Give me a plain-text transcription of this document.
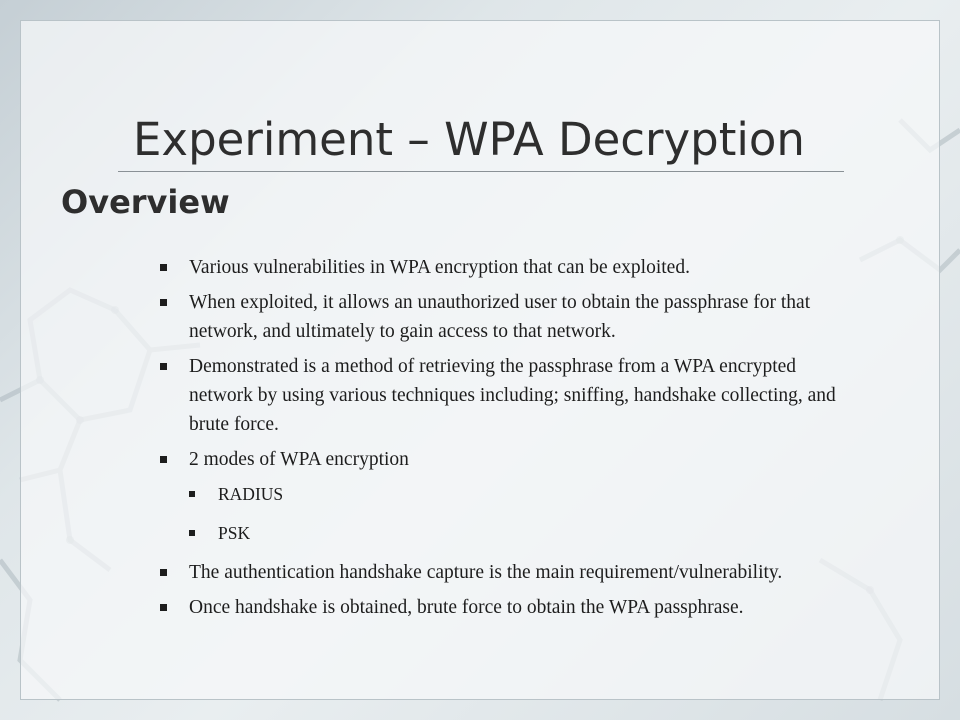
Experiment – WPA Decryption
Overview
Various vulnerabilities in WPA encryption that can be exploited.
When exploited, it allows an unauthorized user to obtain the passphrase for that network, and ultimately to gain access to that network.
Demonstrated is a method of retrieving the passphrase from a WPA encrypted network by using various techniques including; sniffing, handshake collecting, and brute force.
2 modes of WPA encryption
RADIUS
PSK
The authentication handshake capture is the main requirement/vulnerability.
Once handshake is obtained, brute force to obtain the WPA passphrase.
